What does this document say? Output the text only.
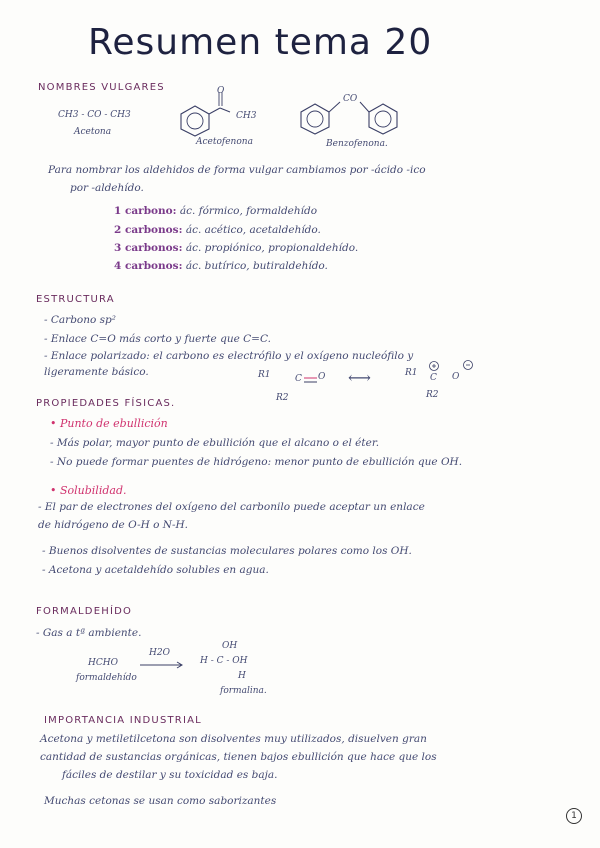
Resumen tema 20
NOMBRES VULGARES
CH3 - CO - CH3
Acetona
O
CH3
Acetofenona
CO
Benzofenona.
Para nombrar los aldehidos de forma vulgar cambiamos por -ácido -ico
por -aldehído.
1 carbono: ác. fórmico, formaldehído
2 carbonos: ác. acético, acetaldehído.
3 carbonos: ác. propiónico, propionaldehído.
4 carbonos: ác. butírico, butiraldehído.
ESTRUCTURA
- Carbono sp²
- Enlace C=O más corto y fuerte que C=C.
- Enlace polarizado: el carbono es electrófilo y el oxígeno nucleófilo y
ligeramente básico.	R1	C O
R2
⟷	R1 C O
R2
PROPIEDADES FÍSICAS.
• Punto de ebullición
- Más polar, mayor punto de ebullición que el alcano o el éter.
- No puede formar puentes de hidrógeno: menor punto de ebullición que OH.
• Solubilidad.
- El par de electrones del oxígeno del carbonilo puede aceptar un enlace
de hidrógeno de O-H o N-H.
- Buenos disolventes de sustancias moleculares polares como los OH.
- Acetona y acetaldehído solubles en agua.
FORMALDEHÍDO
- Gas a tª ambiente.
HCHO
H2O
formaldehído
OH
H - C - OH
H
formalina.
IMPORTANCIA INDUSTRIAL
Acetona y metiletilcetona son disolventes muy utilizados, disuelven gran
cantidad de sustancias orgánicas, tienen bajos ebullición que hace que los
fáciles de destilar y su toxicidad es baja.
Muchas cetonas se usan como saborizantes
1
